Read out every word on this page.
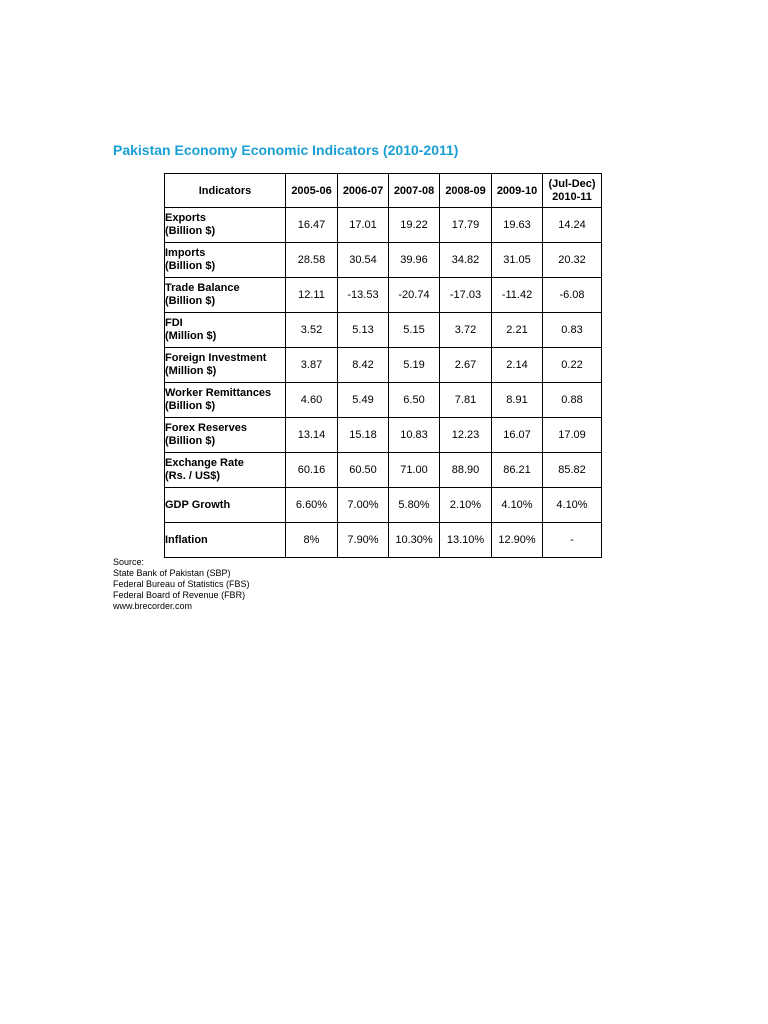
Pakistan Economy Economic Indicators (2010-2011)
Indicators	2005-06	2006-07	2007-08	2008-09	2009-10	(Jul-Dec)
2010-11

Exports
(Billion $)	16.47	17.01	19.22	17.79	19.63	14.24

Imports
(Billion $)	28.58	30.54	39.96	34.82	31.05	20.32

Trade Balance
(Billion $)	12.11	-13.53	-20.74	-17.03	-11.42	-6.08

FDI
(Million $)	3.52	5.13	5.15	3.72	2.21	0.83

Foreign Investment
(Million $)	3.87	8.42	5.19	2.67	2.14	0.22

Worker Remittances
(Billion $)	4.60	5.49	6.50	7.81	8.91	0.88

Forex Reserves
(Billion $)	13.14	15.18	10.83	12.23	16.07	17.09

Exchange Rate
(Rs. / US$)	60.16	60.50	71.00	88.90	86.21	85.82

GDP Growth	6.60%	7.00%	5.80%	2.10%	4.10%	4.10%

Inflation	8%	7.90%	10.30%	13.10%	12.90%	-
Source:
State Bank of Pakistan (SBP)
Federal Bureau of Statistics (FBS)
Federal Board of Revenue (FBR)
www.brecorder.com
